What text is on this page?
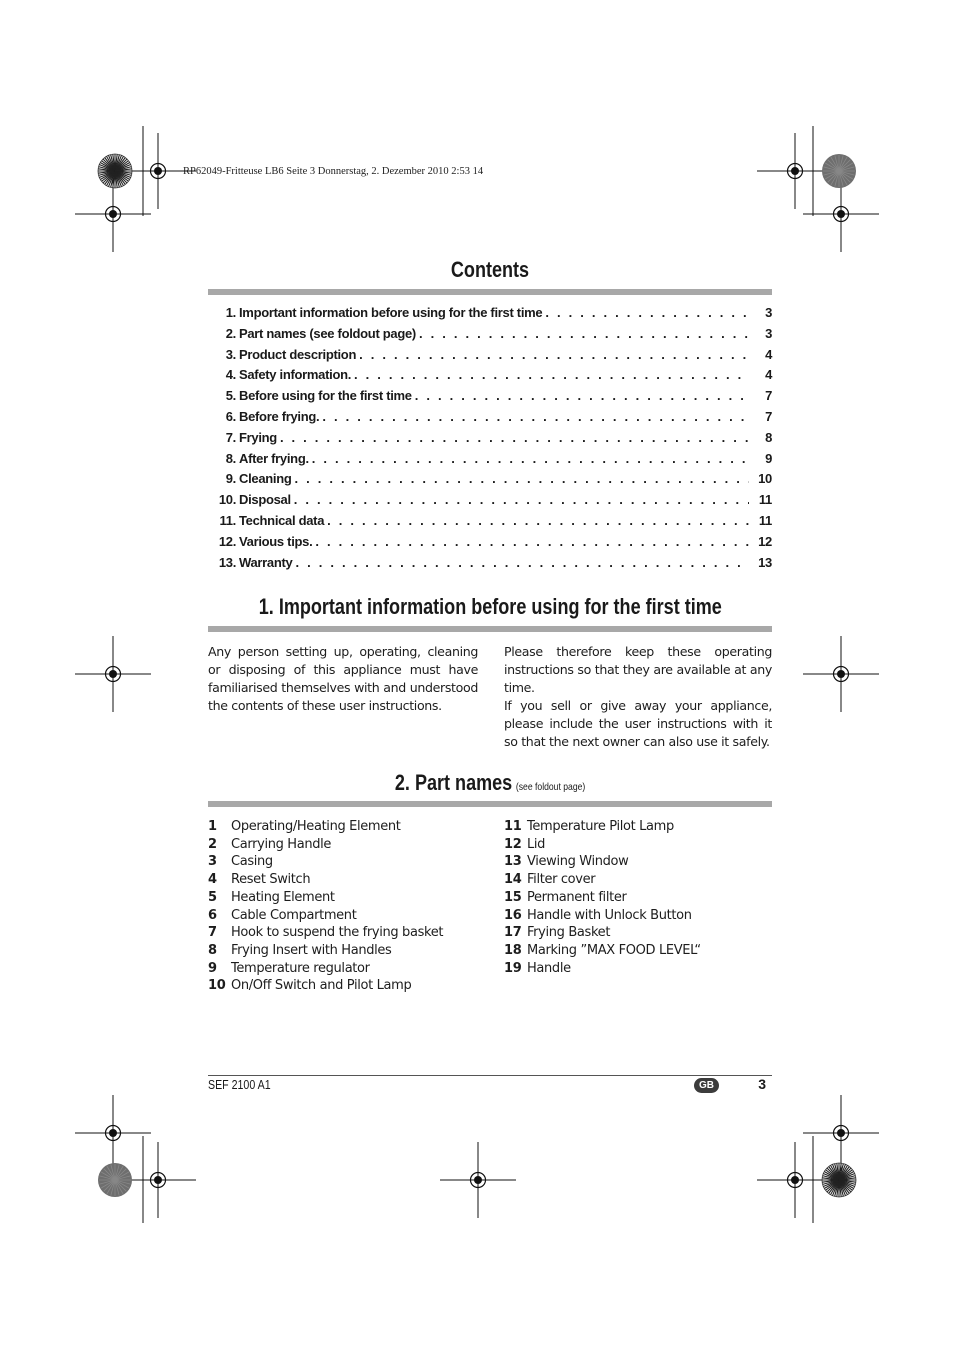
RP62049-Fritteuse LB6 Seite 3 Donnerstag, 2. Dezember 2010 2:53 14
Contents
1. Important information before using for the first time . . .	3
2. Part names (see foldout page) . . .	3
3. Product description . . .	4
4. Safety information. . . .	4
5. Before using for the first time . . .	7
6. Before frying. . . .	7
7. Frying . . .	8
8. After frying. . . .	9
9. Cleaning . . .	10
10. Disposal . . .	11
11. Technical data . . .	11
12. Various tips. . . .	12
13. Warranty . . .	13
1. Important information before using for the first time
Any person setting up, operating, cleaning or disposing of this appliance must have familiarised themselves with and understood the contents of these user instructions.
Please therefore keep these operating instructions so that they are available at any time.
If you sell or give away your appliance, please include the user instructions with it so that the next owner can also use it safely.
2. Part names (see foldout page)
1	Operating/Heating Element
2	Carrying Handle
3	Casing
4	Reset Switch
5	Heating Element
6	Cable Compartment
7	Hook to suspend the frying basket
8	Frying Insert with Handles
9	Temperature regulator
10 On/Off Switch and Pilot Lamp
11 Temperature Pilot Lamp
12 Lid
13 Viewing Window
14 Filter cover
15 Permanent filter
16 Handle with Unlock Button
17 Frying Basket
18 Marking ”MAX FOOD LEVEL“
19 Handle
SEF 2100 A1	GB	3
